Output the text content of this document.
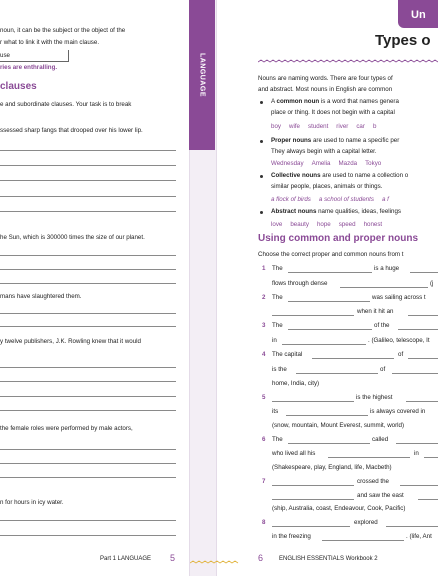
noun, it can be the subject or the object of the
r what to link it with the main clause.
use
ries are enthralling.
clauses
e and subordinate clauses. Your task is to break
ssessed sharp fangs that drooped over his lower lip.
he Sun, which is 300000 times the size of our planet.
mans have slaughtered them.
y twelve publishers, J.K. Rowling knew that it would
the female roles were performed by male actors,
n for hours in icy water.
Part 1 LANGUAGE 5
LANGUAGE
Un
Types o
Nouns are naming words. There are four types of
and abstract. Most nouns in English are common
A common noun is a word that names genera
place or thing. It does not begin with a capital
boy wife student river car b
Proper nouns are used to name a specific per
They always begin with a capital letter.
Wednesday Amelia Mazda Tokyo
Collective nouns are used to name a collection o
similar people, places, animals or things.
a flock of birds a school of students a f
Abstract nouns name qualities, ideas, feelings
love beauty hope speed honest
Using common and proper nouns
Choose the correct proper and common nouns from t
1 The	is a huge
flows through dense	(j
2 The	was sailing across t
when it hit an
3 The	of the
in	. (Galileo, telescope, It
4 The capital	of
is the	of
home, India, city)
5	is the highest
its	is always covered in
(snow, mountain, Mount Everest, summit, world)
6 The	called
who lived all his	in
(Shakespeare, play, England, life, Macbeth)
7	crossed the
and saw the east
(ship, Australia, coast, Endeavour, Cook, Pacific)
8	explored
in the freezing	. (life, Ant
6	ENGLISH ESSENTIALS Workbook 2
